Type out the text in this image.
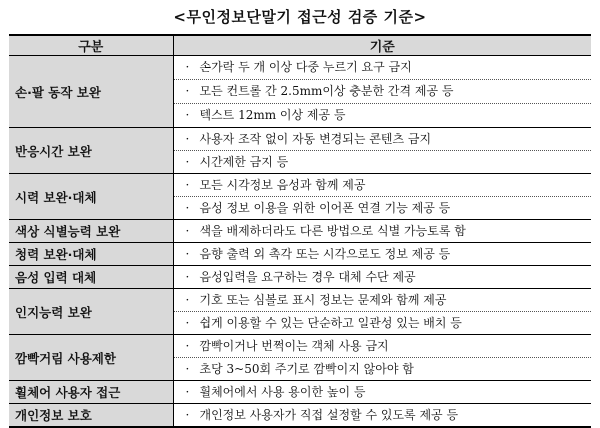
<무인정보단말기 접근성 검증 기준>
구분	기준
손·팔 동작 보완	· 손가락 두 개 이상 다중 누르기 요구 금지
· 모든 컨트롤 간 2.5mm이상 충분한 간격 제공 등
· 텍스트 12mm 이상 제공 등

반응시간 보완	· 사용자 조작 없이 자동 변경되는 콘텐츠 금지
· 시간제한 금지 등

시력 보완·대체	· 모든 시각정보 음성과 함께 제공
· 음성 정보 이용을 위한 이어폰 연결 기능 제공 등

색상 식별능력 보완	· 색을 배제하더라도 다른 방법으로 식별 가능토록 함

청력 보완·대체	· 음향 출력 외 촉각 또는 시각으로도 정보 제공 등

음성 입력 대체	· 음성입력을 요구하는 경우 대체 수단 제공

인지능력 보완	· 기호 또는 심볼로 표시 정보는 문제와 함께 제공
· 쉽게 이용할 수 있는 단순하고 일관성 있는 배치 등

깜빡거림 사용제한	· 깜빡이거나 번쩍이는 객체 사용 금지
· 초당 3~50회 주기로 깜빡이지 않아야 함

휠체어 사용자 접근	· 휠체어에서 사용 용이한 높이 등

개인정보 보호	· 개인정보 사용자가 직접 설정할 수 있도록 제공 등
